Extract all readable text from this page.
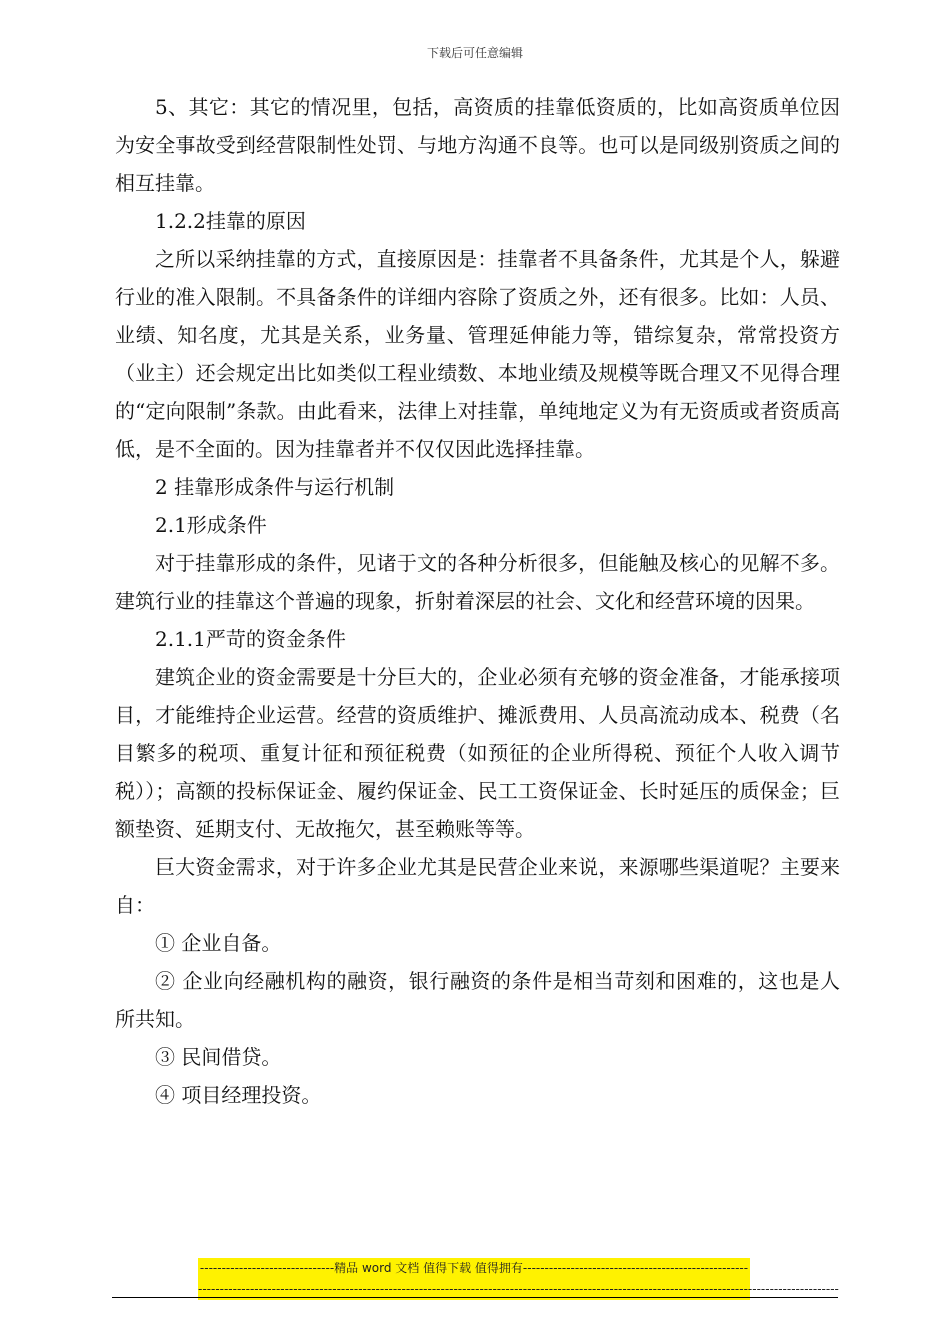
下载后可任意编辑

5、其它：其它的情况里，包括，高资质的挂靠低资质的，比如高资质单位因为安全事故受到经营限制性处罚、与地方沟通不良等。也可以是同级别资质之间的相互挂靠。

1.2.2挂靠的原因

之所以采纳挂靠的方式，直接原因是：挂靠者不具备条件，尤其是个人，躲避行业的准入限制。不具备条件的详细内容除了资质之外，还有很多。比如：人员、业绩、知名度，尤其是关系，业务量、管理延伸能力等，错综复杂，常常投资方（业主）还会规定出比如类似工程业绩数、本地业绩及规模等既合理又不见得合理的“定向限制”条款。由此看来，法律上对挂靠，单纯地定义为有无资质或者资质高低，是不全面的。因为挂靠者并不仅仅因此选择挂靠。

2 挂靠形成条件与运行机制

2.1形成条件

对于挂靠形成的条件，见诸于文的各种分析很多，但能触及核心的见解不多。建筑行业的挂靠这个普遍的现象，折射着深层的社会、文化和经营环境的因果。

2.1.1严苛的资金条件

建筑企业的资金需要是十分巨大的，企业必须有充够的资金准备，才能承接项目，才能维持企业运营。经营的资质维护、摊派费用、人员高流动成本、税费（名目繁多的税项、重复计征和预征税费（如预征的企业所得税、预征个人收入调节税））；高额的投标保证金、履约保证金、民工工资保证金、长时延压的质保金；巨额垫资、延期支付、无故拖欠，甚至赖账等等。

巨大资金需求，对于许多企业尤其是民营企业来说，来源哪些渠道呢？主要来自：

① 企业自备。

② 企业向经融机构的融资，银行融资的条件是相当苛刻和困难的，这也是人所共知。

③ 民间借贷。

④ 项目经理投资。

-------------------------------精品 word 文档 值得下载 值得拥有----------------------------------------------------
----------------------------------------------------------------------------------------------------------------------------------------------------
